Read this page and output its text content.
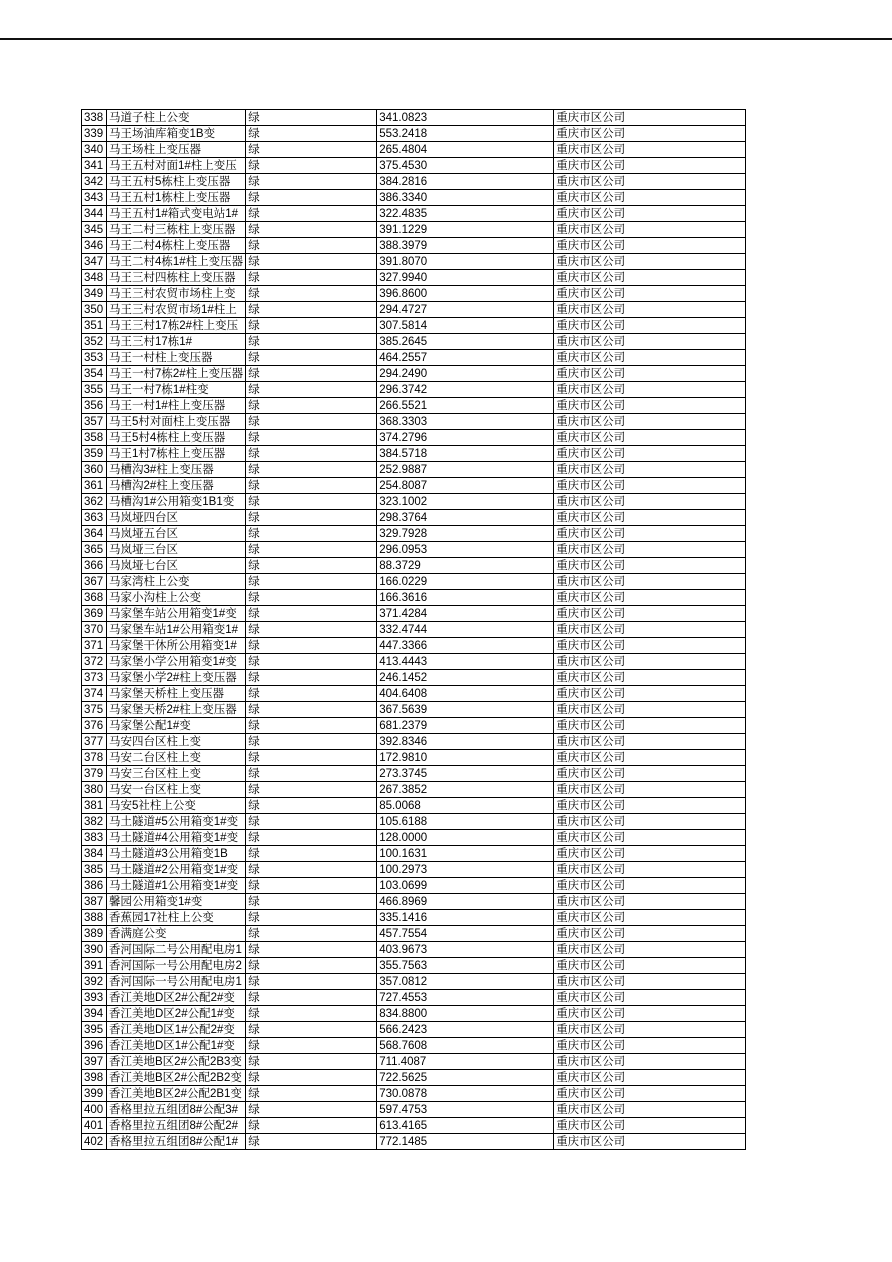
338	马道子柱上公变	绿	341.0823	重庆市区公司
339	马王场油库箱变1B变	绿	553.2418	重庆市区公司
340	马王场柱上变压器	绿	265.4804	重庆市区公司
341	马王五村对面1#柱上变压	绿	375.4530	重庆市区公司
342	马王五村5栋柱上变压器	绿	384.2816	重庆市区公司
343	马王五村1栋柱上变压器	绿	386.3340	重庆市区公司
344	马王五村1#箱式变电站1#	绿	322.4835	重庆市区公司
345	马王二村三栋柱上变压器	绿	391.1229	重庆市区公司
346	马王二村4栋柱上变压器	绿	388.3979	重庆市区公司
347	马王二村4栋1#柱上变压器	绿	391.8070	重庆市区公司
348	马王三村四栋柱上变压器	绿	327.9940	重庆市区公司
349	马王三村农贸市场柱上变	绿	396.8600	重庆市区公司
350	马王三村农贸市场1#柱上	绿	294.4727	重庆市区公司
351	马王三村17栋2#柱上变压	绿	307.5814	重庆市区公司
352	马王三村17栋1#	绿	385.2645	重庆市区公司
353	马王一村柱上变压器	绿	464.2557	重庆市区公司
354	马王一村7栋2#柱上变压器	绿	294.2490	重庆市区公司
355	马王一村7栋1#柱变	绿	296.3742	重庆市区公司
356	马王一村1#柱上变压器	绿	266.5521	重庆市区公司
357	马王5村对面柱上变压器	绿	368.3303	重庆市区公司
358	马王5村4栋柱上变压器	绿	374.2796	重庆市区公司
359	马王1村7栋柱上变压器	绿	384.5718	重庆市区公司
360	马槽沟3#柱上变压器	绿	252.9887	重庆市区公司
361	马槽沟2#柱上变压器	绿	254.8087	重庆市区公司
362	马槽沟1#公用箱变1B1变	绿	323.1002	重庆市区公司
363	马岚垭四台区	绿	298.3764	重庆市区公司
364	马岚垭五台区	绿	329.7928	重庆市区公司
365	马岚垭三台区	绿	296.0953	重庆市区公司
366	马岚垭七台区	绿	88.3729	重庆市区公司
367	马家湾柱上公变	绿	166.0229	重庆市区公司
368	马家小沟柱上公变	绿	166.3616	重庆市区公司
369	马家堡车站公用箱变1#变	绿	371.4284	重庆市区公司
370	马家堡车站1#公用箱变1#	绿	332.4744	重庆市区公司
371	马家堡干休所公用箱变1#	绿	447.3366	重庆市区公司
372	马家堡小学公用箱变1#变	绿	413.4443	重庆市区公司
373	马家堡小学2#柱上变压器	绿	246.1452	重庆市区公司
374	马家堡天桥柱上变压器	绿	404.6408	重庆市区公司
375	马家堡天桥2#柱上变压器	绿	367.5639	重庆市区公司
376	马家堡公配1#变	绿	681.2379	重庆市区公司
377	马安四台区柱上变	绿	392.8346	重庆市区公司
378	马安二台区柱上变	绿	172.9810	重庆市区公司
379	马安三台区柱上变	绿	273.3745	重庆市区公司
380	马安一台区柱上变	绿	267.3852	重庆市区公司
381	马安5社柱上公变	绿	85.0068	重庆市区公司
382	马土隧道#5公用箱变1#变	绿	105.6188	重庆市区公司
383	马土隧道#4公用箱变1#变	绿	128.0000	重庆市区公司
384	马土隧道#3公用箱变1B	绿	100.1631	重庆市区公司
385	马土隧道#2公用箱变1#变	绿	100.2973	重庆市区公司
386	马土隧道#1公用箱变1#变	绿	103.0699	重庆市区公司
387	馨园公用箱变1#变	绿	466.8969	重庆市区公司
388	香蕉园17社柱上公变	绿	335.1416	重庆市区公司
389	香满庭公变	绿	457.7554	重庆市区公司
390	香河国际二号公用配电房1	绿	403.9673	重庆市区公司
391	香河国际一号公用配电房2	绿	355.7563	重庆市区公司
392	香河国际一号公用配电房1	绿	357.0812	重庆市区公司
393	香江美地D区2#公配2#变	绿	727.4553	重庆市区公司
394	香江美地D区2#公配1#变	绿	834.8800	重庆市区公司
395	香江美地D区1#公配2#变	绿	566.2423	重庆市区公司
396	香江美地D区1#公配1#变	绿	568.7608	重庆市区公司
397	香江美地B区2#公配2B3变	绿	711.4087	重庆市区公司
398	香江美地B区2#公配2B2变	绿	722.5625	重庆市区公司
399	香江美地B区2#公配2B1变	绿	730.0878	重庆市区公司
400	香格里拉五组团8#公配3#	绿	597.4753	重庆市区公司
401	香格里拉五组团8#公配2#	绿	613.4165	重庆市区公司
402	香格里拉五组团8#公配1#	绿	772.1485	重庆市区公司
